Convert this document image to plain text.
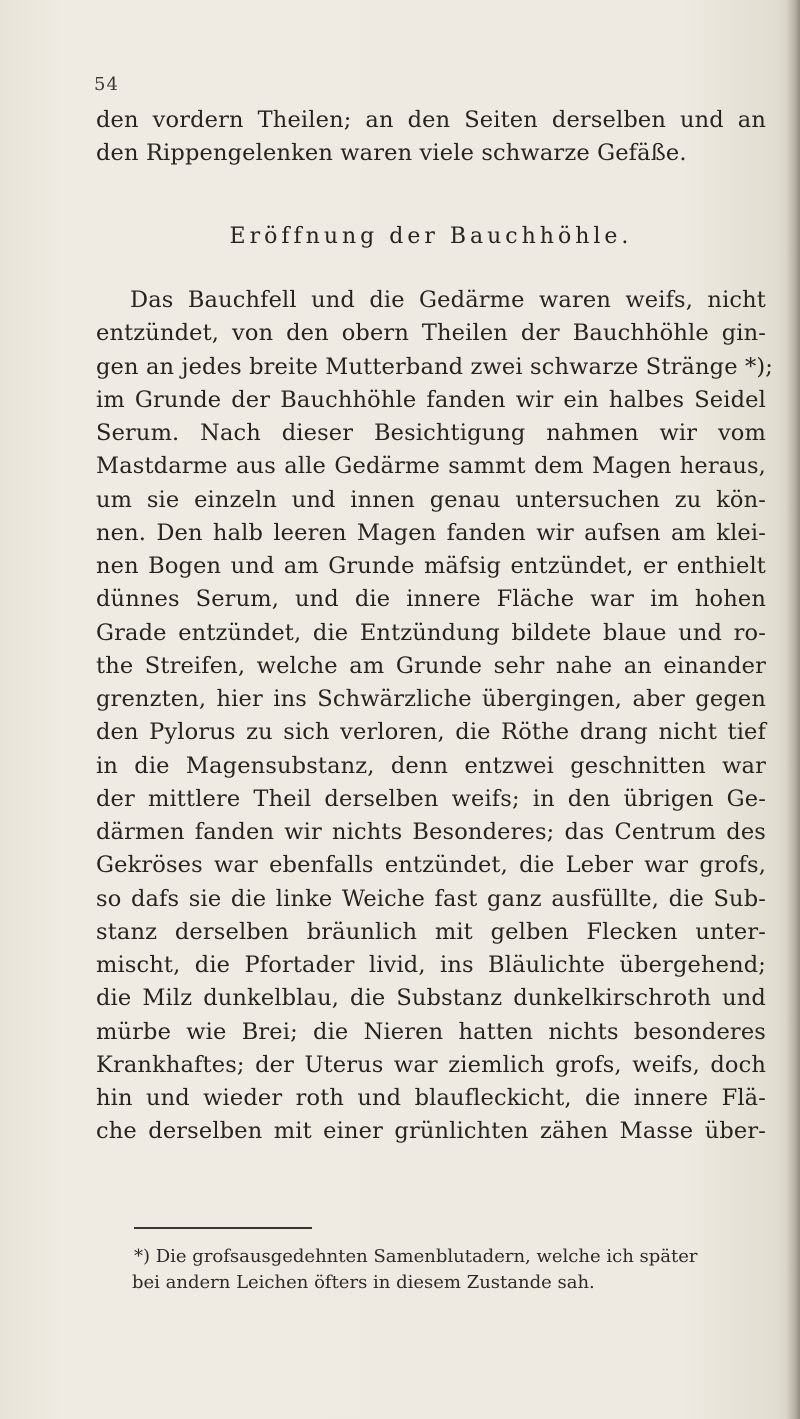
54
den vordern Theilen; an den Seiten derselben und an
den Rippengelenken waren viele schwarze Gefäße.
Eröffnung der Bauchhöhle.
Das Bauchfell und die Gedärme waren weifs, nicht
entzündet, von den obern Theilen der Bauchhöhle gin-
gen an jedes breite Mutterband zwei schwarze Stränge *);
im Grunde der Bauchhöhle fanden wir ein halbes Seidel
Serum. Nach dieser Besichtigung nahmen wir vom
Mastdarme aus alle Gedärme sammt dem Magen heraus,
um sie einzeln und innen genau untersuchen zu kön-
nen. Den halb leeren Magen fanden wir aufsen am klei-
nen Bogen und am Grunde mäfsig entzündet, er enthielt
dünnes Serum, und die innere Fläche war im hohen
Grade entzündet, die Entzündung bildete blaue und ro-
the Streifen, welche am Grunde sehr nahe an einander
grenzten, hier ins Schwärzliche übergingen, aber gegen
den Pylorus zu sich verloren, die Röthe drang nicht tief
in die Magensubstanz, denn entzwei geschnitten war
der mittlere Theil derselben weifs; in den übrigen Ge-
därmen fanden wir nichts Besonderes; das Centrum des
Gekröses war ebenfalls entzündet, die Leber war grofs,
so dafs sie die linke Weiche fast ganz ausfüllte, die Sub-
stanz derselben bräunlich mit gelben Flecken unter-
mischt, die Pfortader livid, ins Bläulichte übergehend;
die Milz dunkelblau, die Substanz dunkelkirschroth und
mürbe wie Brei; die Nieren hatten nichts besonderes
Krankhaftes; der Uterus war ziemlich grofs, weifs, doch
hin und wieder roth und blaufleckicht, die innere Flä-
che derselben mit einer grünlichten zähen Masse über-
*) Die grofsausgedehnten Samenblutadern, welche ich später
bei andern Leichen öfters in diesem Zustande sah.
